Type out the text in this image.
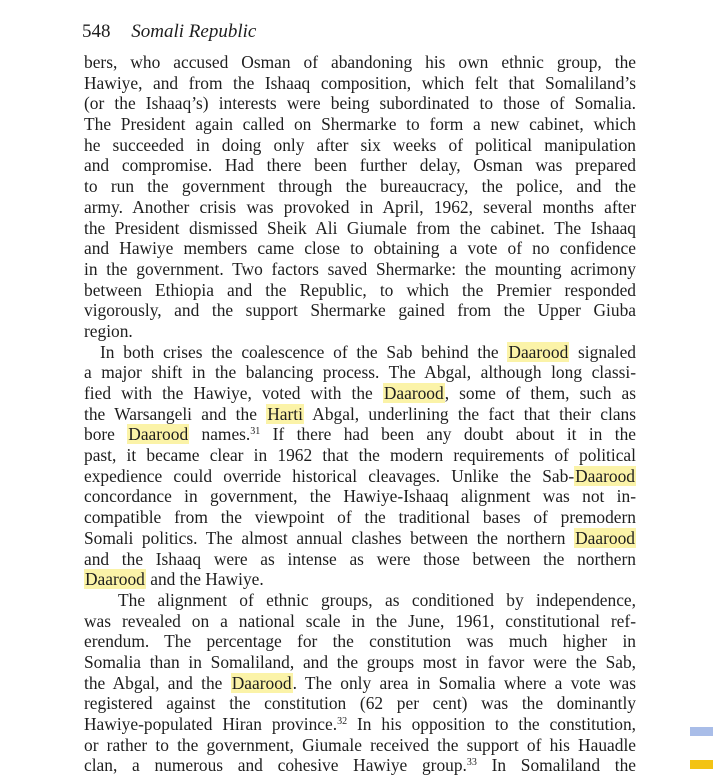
548 Somali Republic
bers, who accused Osman of abandoning his own ethnic group, the
Hawiye, and from the Ishaaq composition, which felt that Somaliland’s
(or the Ishaaq’s) interests were being subordinated to those of Somalia.
The President again called on Shermarke to form a new cabinet, which
he succeeded in doing only after six weeks of political manipulation
and compromise. Had there been further delay, Osman was prepared
to run the government through the bureaucracy, the police, and the
army. Another crisis was provoked in April, 1962, several months after
the President dismissed Sheik Ali Giumale from the cabinet. The Ishaaq
and Hawiye members came close to obtaining a vote of no confidence
in the government. Two factors saved Shermarke: the mounting acrimony
between Ethiopia and the Republic, to which the Premier responded
vigorously, and the support Shermarke gained from the Upper Giuba
region.
In both crises the coalescence of the Sab behind the Daarood signaled
a major shift in the balancing process. The Abgal, although long classi-
fied with the Hawiye, voted with the Daarood, some of them, such as
the Warsangeli and the Harti Abgal, underlining the fact that their clans
bore Daarood names.$^{31}$ If there had been any doubt about it in the
past, it became clear in 1962 that the modern requirements of political
expedience could override historical cleavages. Unlike the Sab-Daarood
concordance in government, the Hawiye-Ishaaq alignment was not in-
compatible from the viewpoint of the traditional bases of premodern
Somali politics. The almost annual clashes between the northern Daarood
and the Ishaaq were as intense as were those between the northern
Daarood and the Hawiye.
The alignment of ethnic groups, as conditioned by independence,
was revealed on a national scale in the June, 1961, constitutional ref-
erendum. The percentage for the constitution was much higher in
Somalia than in Somaliland, and the groups most in favor were the Sab,
the Abgal, and the Daarood. The only area in Somalia where a vote was
registered against the constitution (62 per cent) was the dominantly
Hawiye-populated Hiran province.$^{32}$ In his opposition to the constitution,
or rather to the government, Giumale received the support of his Hauadle
clan, a numerous and cohesive Hawiye group.$^{33}$ In Somaliland the
